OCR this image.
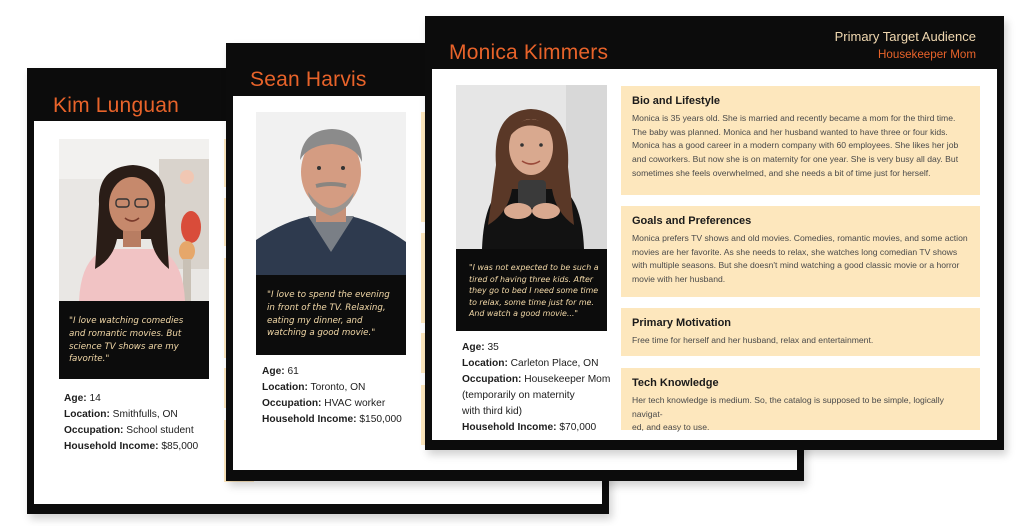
Kim Lunguan
"I love watching comedies and romantic movies. But science TV shows are my favorite."
Age: 14
Location: Smithfulls, ON
Occupation: School student
Household Income: $85,000
Sean Harvis
"I love to spend the evening in front of the TV. Relaxing, eating my dinner, and watching a good movie."
Age: 61
Location: Toronto, ON
Occupation: HVAC worker
Household Income: $150,000
Monica Kimmers
Primary Target Audience
Housekeeper Mom
"I was not expected to be such a tired of having three kids. After they go to bed I need some time to relax, some time just for me. And watch a good movie..."
Age: 35
Location: Carleton Place, ON
Occupation: Housekeeper Mom
(temporarily on maternity
with third kid)
Household Income: $70,000
Bio and Lifestyle
Monica is 35 years old. She is married and recently became a mom for the third time.
The baby was planned. Monica and her husband wanted to have three or four kids.
Monica has a good career in a modern company with 60 employees. She likes her job
and coworkers. But now she is on maternity for one year. She is very busy all day. But
sometimes she feels overwhelmed, and she needs a bit of time just for herself.
Goals and Preferences
Monica prefers TV shows and old movies. Comedies, romantic movies, and some action
movies are her favorite. As she needs to relax, she watches long comedian TV shows
with multiple seasons. But she doesn't mind watching a good classic movie or a horror
movie with her husband.
Primary Motivation
Free time for herself and her husband, relax and entertainment.
Tech Knowledge
Her tech knowledge is medium. So, the catalog is supposed to be simple, logically navigat-
ed, and easy to use.
